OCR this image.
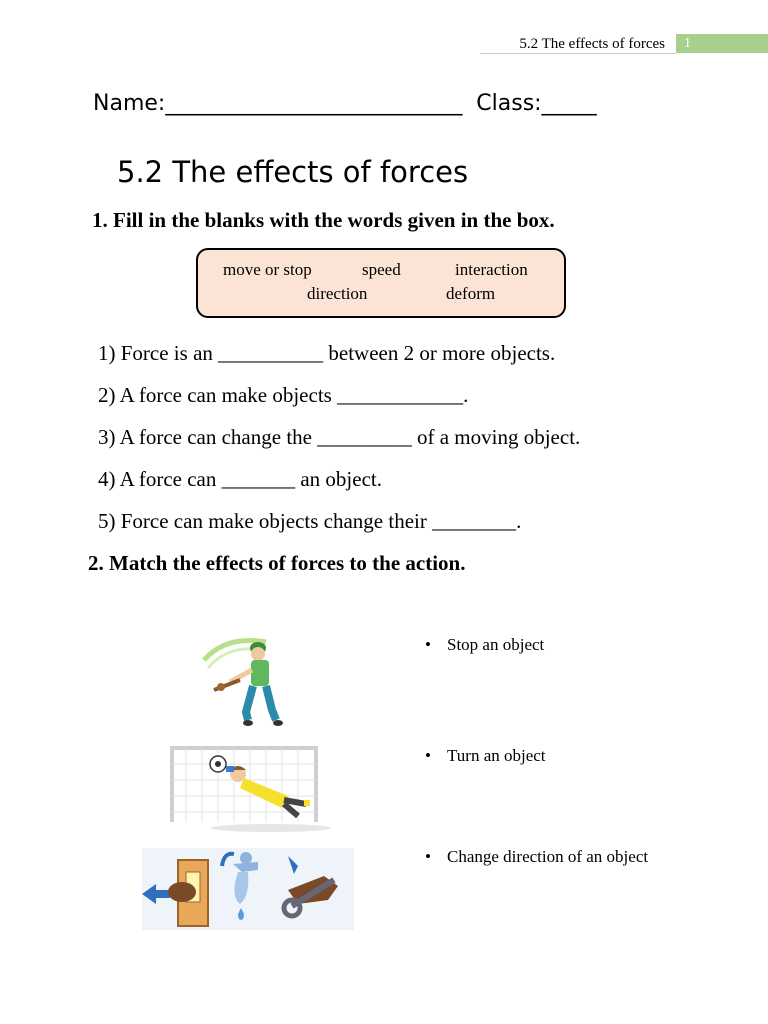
5.2 The effects of forces	1
Name:___________________________  Class:_____
5.2 The effects of forces
1. Fill in the blanks with the words given in the box.
move or stop	speed	interaction
direction	deform
1) Force is an __________ between 2 or more objects.
2) A force can make objects ____________.
3) A force can change the _________ of a moving object.
4) A force can _______ an object.
5) Force can make objects change their ________.
2. Match the effects of forces to the action.
• Stop an object
• Turn an object
• Change direction of an object
